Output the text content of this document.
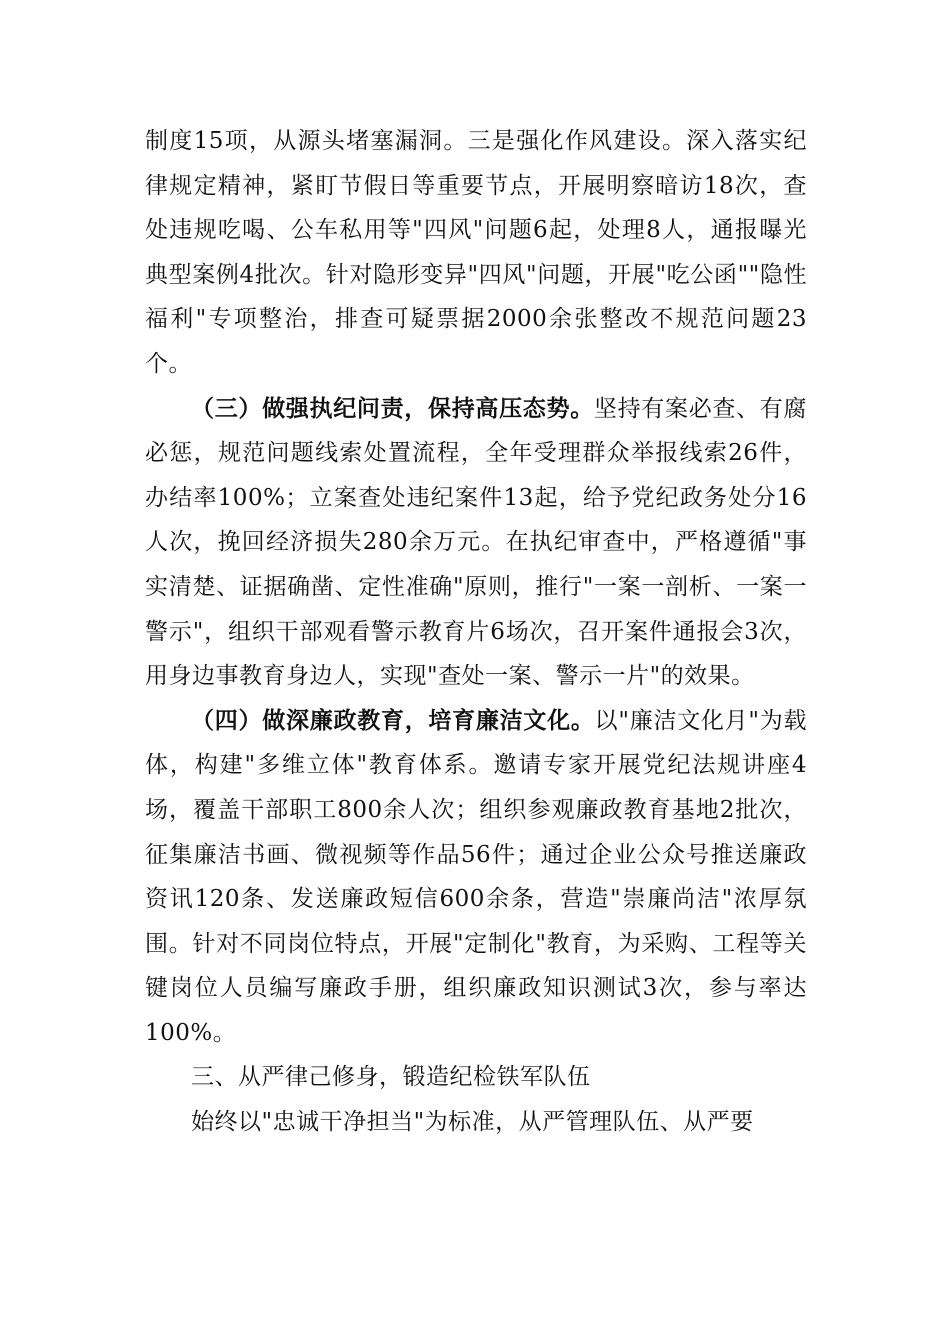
制度15项，从源头堵塞漏洞。三是强化作风建设。深入落实纪律规定精神，紧盯节假日等重要节点，开展明察暗访18次，查处违规吃喝、公车私用等"四风"问题6起，处理8人，通报曝光典型案例4批次。针对隐形变异"四风"问题，开展"吃公函""隐性福利"专项整治，排查可疑票据2000余张整改不规范问题23个。

（三）做强执纪问责，保持高压态势。坚持有案必查、有腐必惩，规范问题线索处置流程，全年受理群众举报线索26件，办结率100%；立案查处违纪案件13起，给予党纪政务处分16人次，挽回经济损失280余万元。在执纪审查中，严格遵循"事实清楚、证据确凿、定性准确"原则，推行"一案一剖析、一案一警示"，组织干部观看警示教育片6场次，召开案件通报会3次，用身边事教育身边人，实现"查处一案、警示一片"的效果。

（四）做深廉政教育，培育廉洁文化。以"廉洁文化月"为载体，构建"多维立体"教育体系。邀请专家开展党纪法规讲座4场，覆盖干部职工800余人次；组织参观廉政教育基地2批次，征集廉洁书画、微视频等作品56件；通过企业公众号推送廉政资讯120条、发送廉政短信600余条，营造"崇廉尚洁"浓厚氛围。针对不同岗位特点，开展"定制化"教育，为采购、工程等关键岗位人员编写廉政手册，组织廉政知识测试3次，参与率达100%。

三、从严律己修身，锻造纪检铁军队伍

始终以"忠诚干净担当"为标准，从严管理队伍、从严要
